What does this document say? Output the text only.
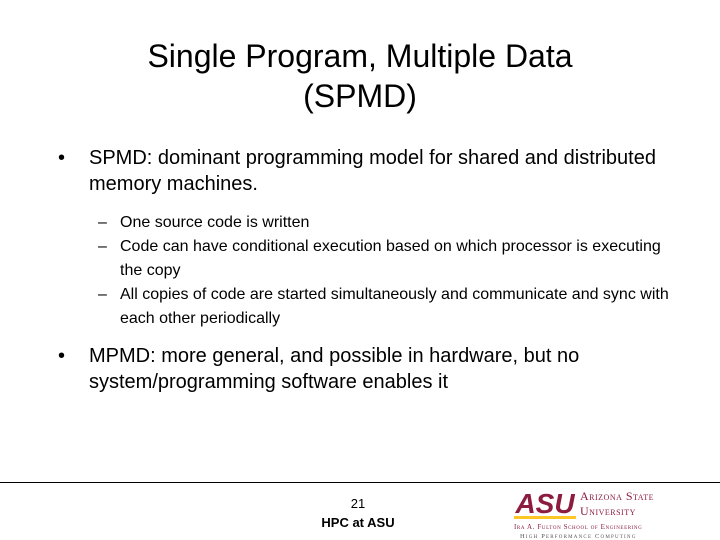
Single Program, Multiple Data
(SPMD)
• SPMD: dominant programming model for shared and distributed memory machines.
– One source code is written
– Code can have conditional execution based on which processor is executing the copy
– All copies of code are started simultaneously and communicate and sync with each other periodically
• MPMD: more general, and possible in hardware, but no system/programming software enables it
21
HPC at ASU
ASU Arizona State
University
Ira A. Fulton School of Engineering
High Performance Computing
